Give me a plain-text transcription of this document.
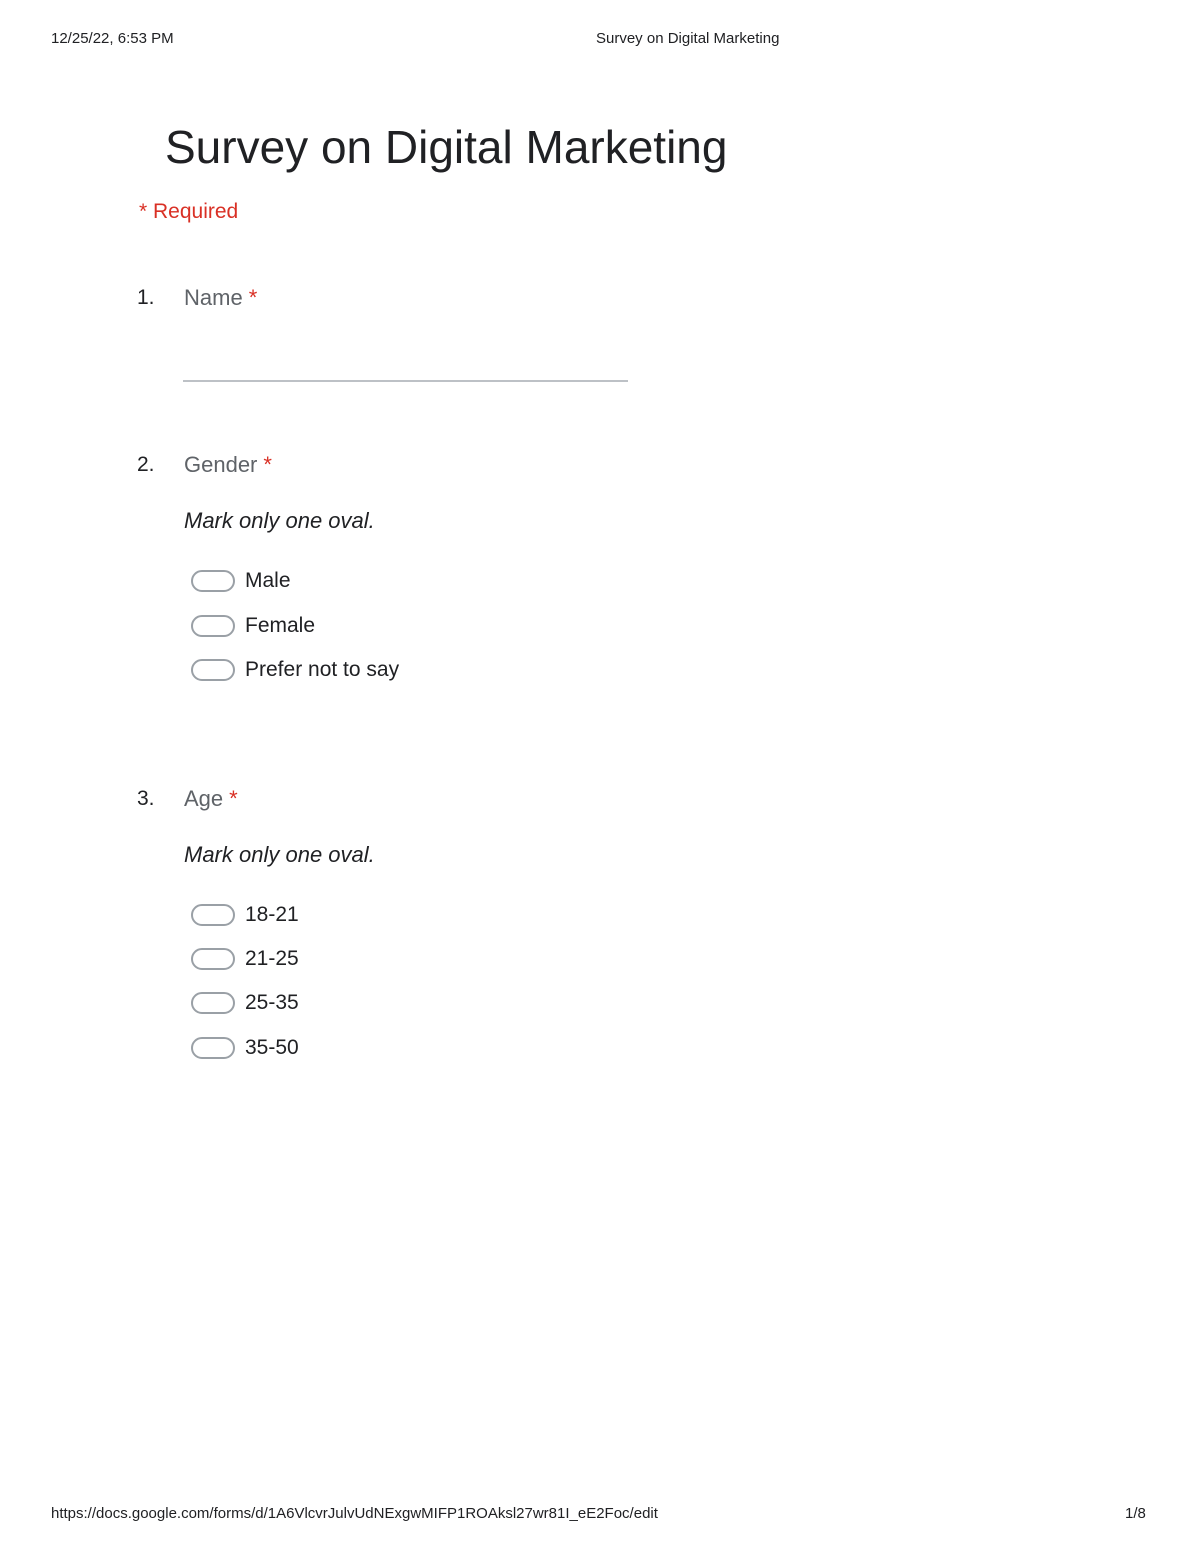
12/25/22, 6:53 PM	Survey on Digital Marketing
Survey on Digital Marketing
* Required
1. Name *
2. Gender *
Mark only one oval.
Male
Female
Prefer not to say
3. Age *
Mark only one oval.
18-21
21-25
25-35
35-50
https://docs.google.com/forms/d/1A6VlcvrJulvUdNExgwMIFP1ROAksl27wr81I_eE2Foc/edit	1/8
